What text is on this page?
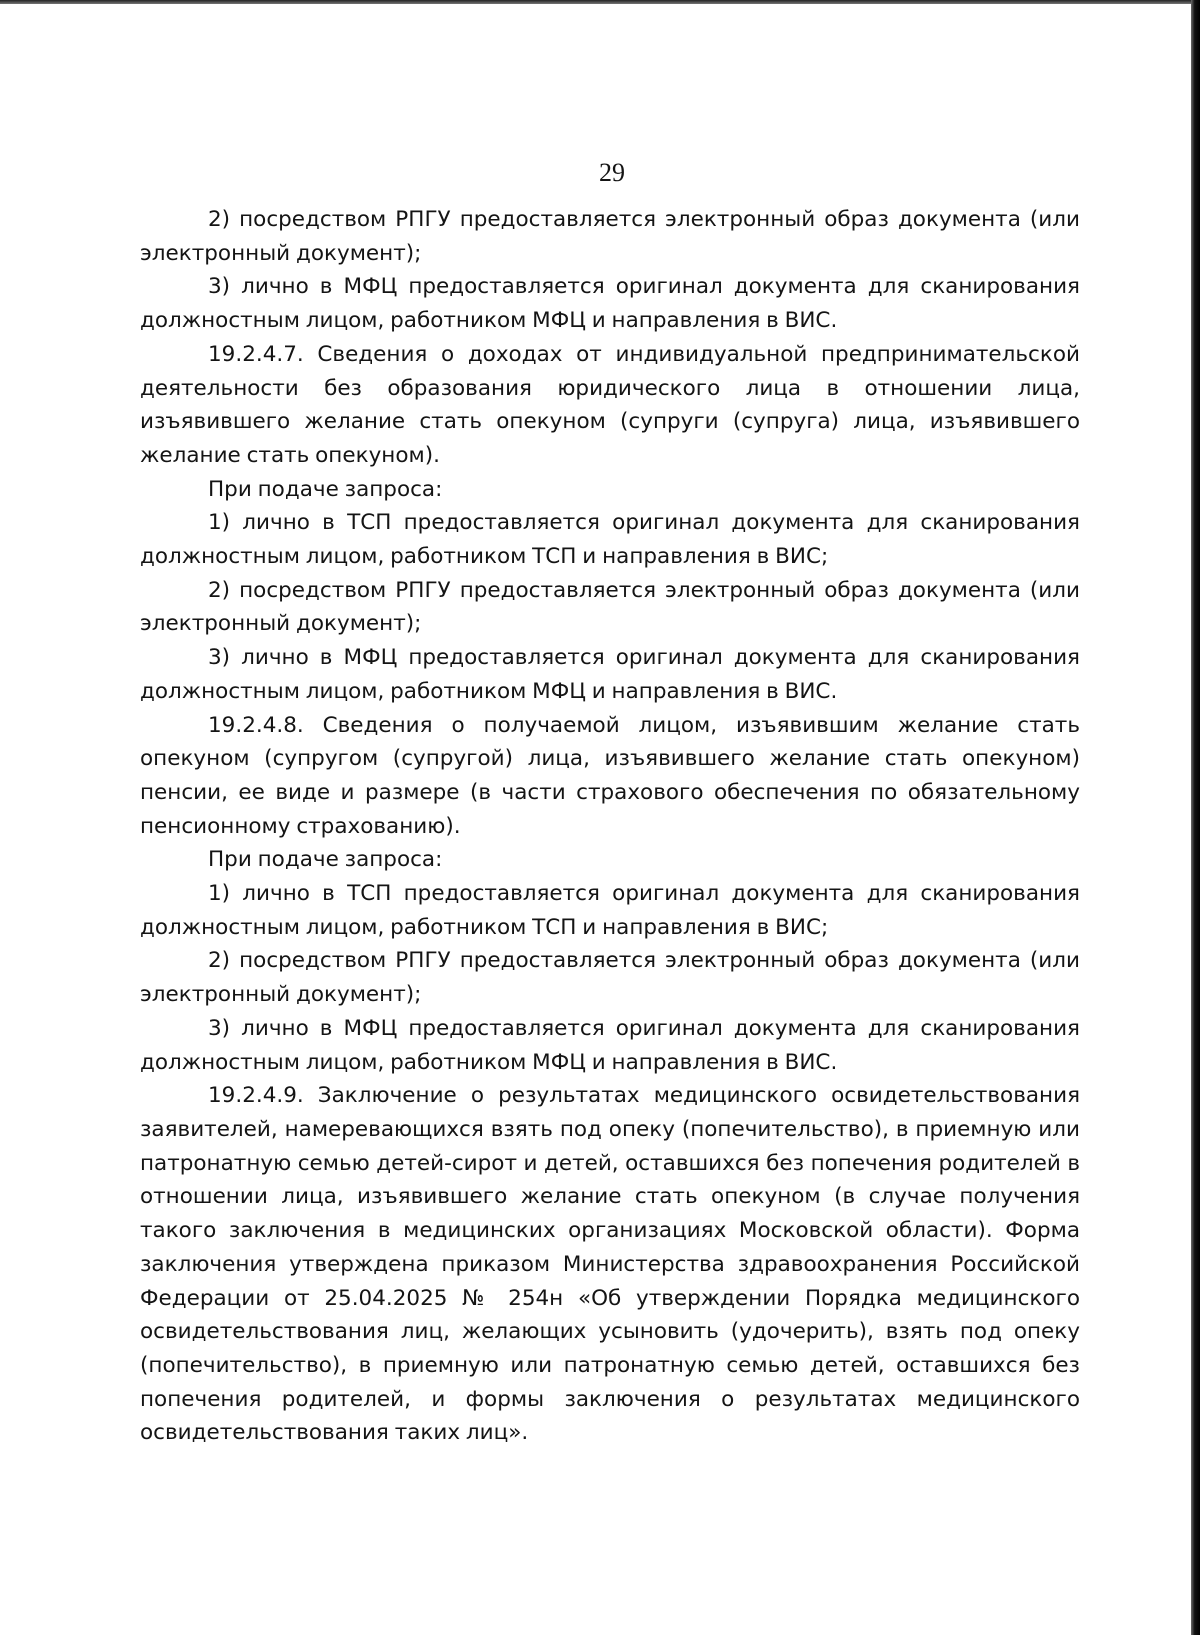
29

2) посредством РПГУ предоставляется электронный образ документа (или электронный документ);

3) лично в МФЦ предоставляется оригинал документа для сканирования должностным лицом, работником МФЦ и направления в ВИС.

19.2.4.7. Сведения о доходах от индивидуальной предпринимательской деятельности без образования юридического лица в отношении лица, изъявившего желание стать опекуном (супруги (супруга) лица, изъявившего желание стать опекуном).

При подаче запроса:

1) лично в ТСП предоставляется оригинал документа для сканирования должностным лицом, работником ТСП и направления в ВИС;

2) посредством РПГУ предоставляется электронный образ документа (или электронный документ);

3) лично в МФЦ предоставляется оригинал документа для сканирования должностным лицом, работником МФЦ и направления в ВИС.

19.2.4.8. Сведения о получаемой лицом, изъявившим желание стать опекуном (супругом (супругой) лица, изъявившего желание стать опекуном) пенсии, ее виде и размере (в части страхового обеспечения по обязательному пенсионному страхованию).

При подаче запроса:

1) лично в ТСП предоставляется оригинал документа для сканирования должностным лицом, работником ТСП и направления в ВИС;

2) посредством РПГУ предоставляется электронный образ документа (или электронный документ);

3) лично в МФЦ предоставляется оригинал документа для сканирования должностным лицом, работником МФЦ и направления в ВИС.

19.2.4.9. Заключение о результатах медицинского освидетельствования заявителей, намеревающихся взять под опеку (попечительство), в приемную или патронатную семью детей-сирот и детей, оставшихся без попечения родителей в отношении лица, изъявившего желание стать опекуном (в случае получения такого заключения в медицинских организациях Московской области). Форма заключения утверждена приказом Министерства здравоохранения Российской Федерации от 25.04.2025 № 254н «Об утверждении Порядка медицинского освидетельствования лиц, желающих усыновить (удочерить), взять под опеку (попечительство), в приемную или патронатную семью детей, оставшихся без попечения родителей, и формы заключения о результатах медицинского освидетельствования таких лиц».
